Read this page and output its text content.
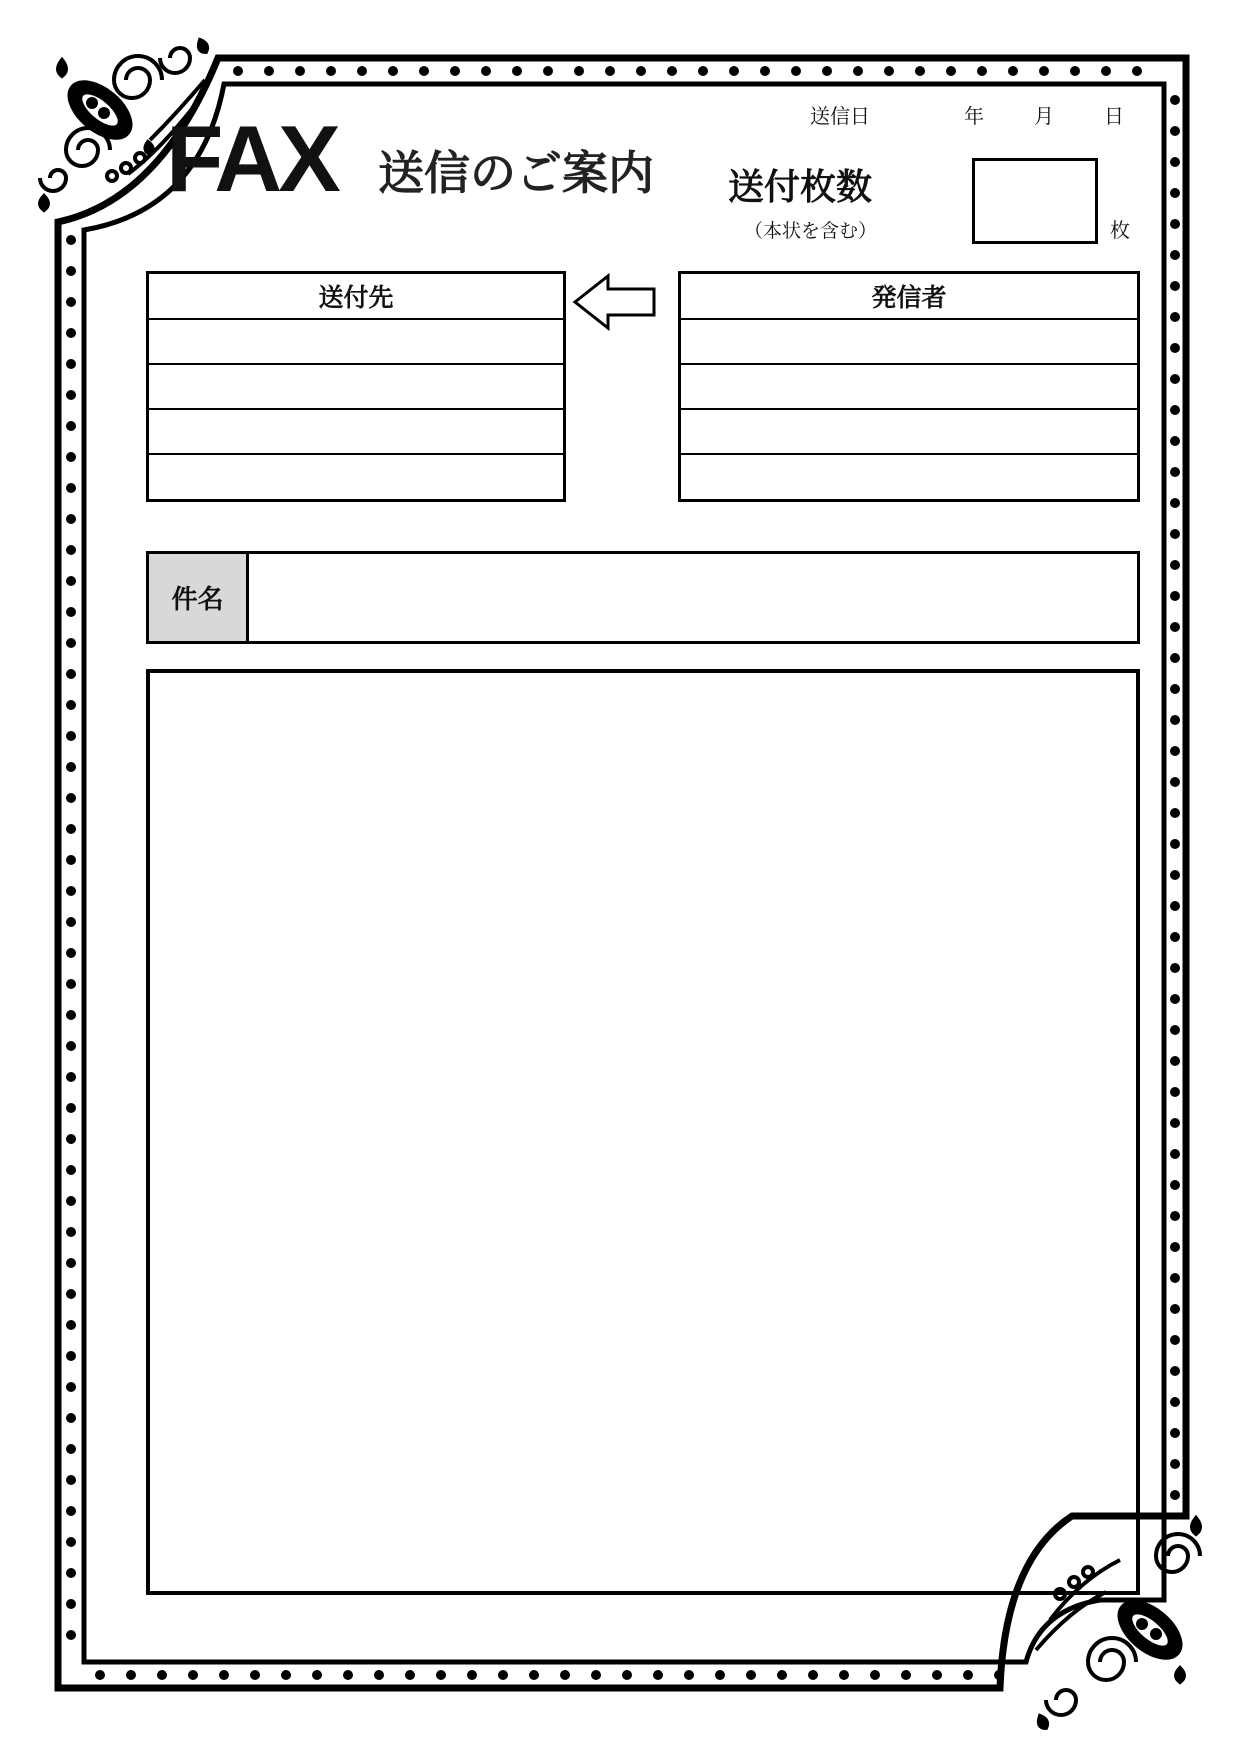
FAX 送信のご案内
送信日	年	月	日
送付枚数
（本状を含む）	枚
送付先	発信者
件名
